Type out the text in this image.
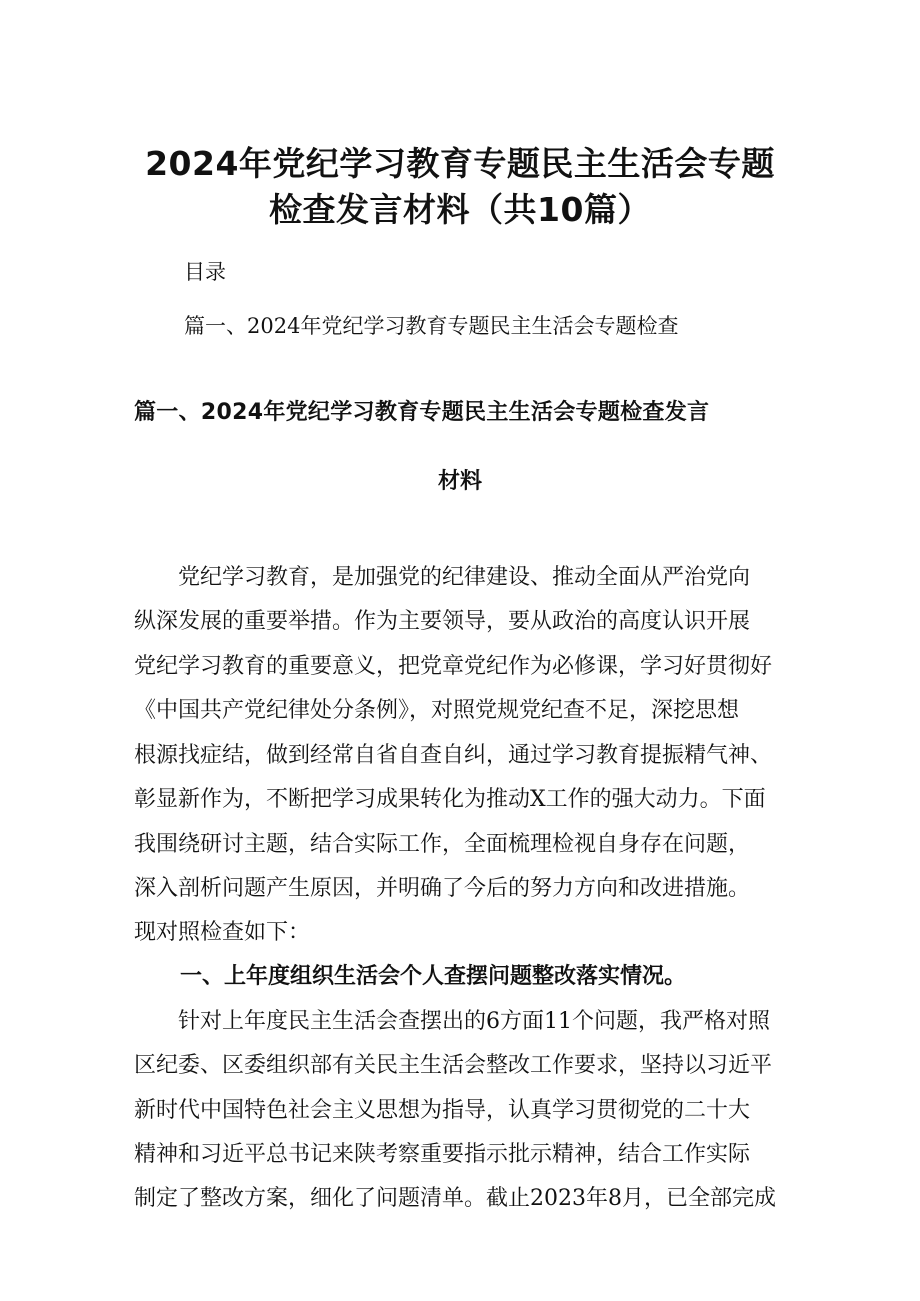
2024年党纪学习教育专题民主生活会专题
检查发言材料（共10篇）
目录
篇一、2024年党纪学习教育专题民主生活会专题检查
篇一、2024年党纪学习教育专题民主生活会专题检查发言
材料
　　党纪学习教育，是加强党的纪律建设、推动全面从严治党向
纵深发展的重要举措。作为主要领导，要从政治的高度认识开展
党纪学习教育的重要意义，把党章党纪作为必修课，学习好贯彻好
《中国共产党纪律处分条例》，对照党规党纪查不足，深挖思想
根源找症结，做到经常自省自查自纠，通过学习教育提振精气神、
彰显新作为，不断把学习成果转化为推动X工作的强大动力。下面
我围绕研讨主题，结合实际工作，全面梳理检视自身存在问题，
深入剖析问题产生原因，并明确了今后的努力方向和改进措施。
现对照检查如下：
一、上年度组织生活会个人查摆问题整改落实情况。
　　针对上年度民主生活会查摆出的6方面11个问题，我严格对照
区纪委、区委组织部有关民主生活会整改工作要求，坚持以习近平
新时代中国特色社会主义思想为指导，认真学习贯彻党的二十大
精神和习近平总书记来陕考察重要指示批示精神，结合工作实际
制定了整改方案，细化了问题清单。截止2023年8月，已全部完成
